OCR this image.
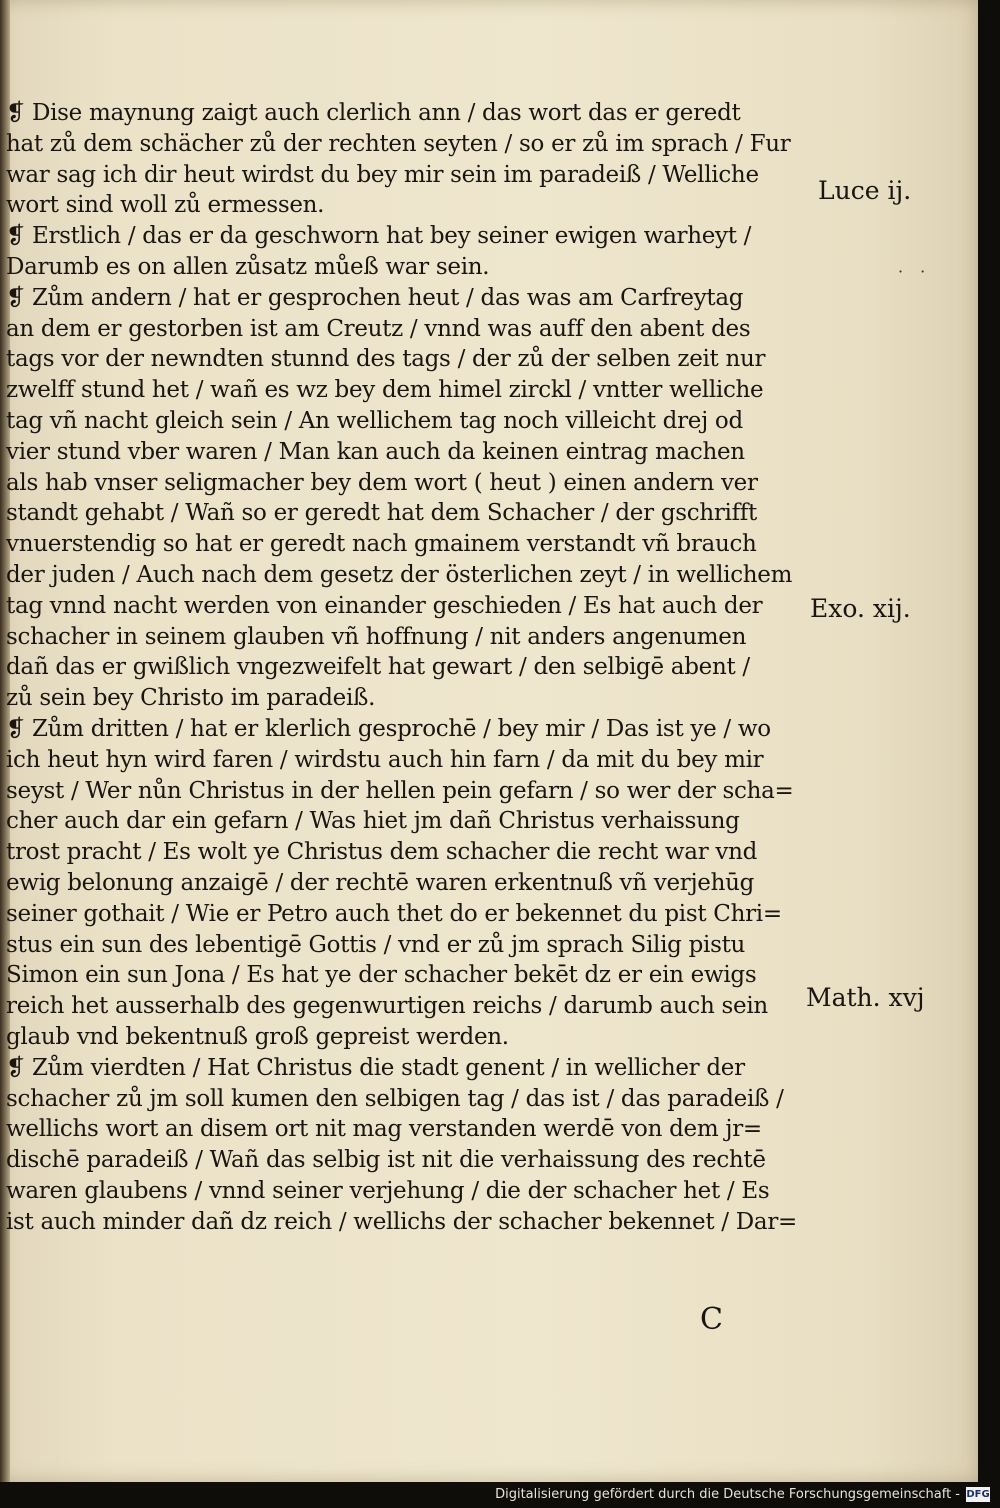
❡ Dise maynung zaigt auch clerlich ann / das wort das er geredt
hat zů dem schächer zů der rechten seyten / so er zů im sprach / Fur
war sag ich dir heut wirdst du bey mir sein im paradeiß / Welliche
wort sind woll zů ermessen.
❡ Erstlich / das er da geschworn hat bey seiner ewigen warheyt /
Darumb es on allen zůsatz můeß war sein.
❡ Zům andern / hat er gesprochen heut / das was am Carfreytag
an dem er gestorben ist am Creutz / vnnd was auff den abent des
tags vor der newndten stunnd des tags / der zů der selben zeit nur
zwelff stund het / wañ es wz bey dem himel zirckl / vntter welliche
tag vñ nacht gleich sein / An wellichem tag noch villeicht drej od
vier stund vber waren / Man kan auch da keinen eintrag machen
als hab vnser seligmacher bey dem wort ( heut ) einen andern ver
standt gehabt / Wañ so er geredt hat dem Schacher / der gschrifft
vnuerstendig so hat er geredt nach gmainem verstandt vñ brauch
der juden / Auch nach dem gesetz der österlichen zeyt / in wellichem
tag vnnd nacht werden von einander geschieden / Es hat auch der
schacher in seinem glauben vñ hoffnung / nit anders angenumen
dañ das er gwißlich vngezweifelt hat gewart / den selbigē abent /
zů sein bey Christo im paradeiß.
❡ Zům dritten / hat er klerlich gesprochē / bey mir / Das ist ye / wo
ich heut hyn wird faren / wirdstu auch hin farn / da mit du bey mir
seyst / Wer nůn Christus in der hellen pein gefarn / so wer der scha=
cher auch dar ein gefarn / Was hiet jm dañ Christus verhaissung
trost pracht / Es wolt ye Christus dem schacher die recht war vnd
ewig belonung anzaigē / der rechtē waren erkentnuß vñ verjehūg
seiner gothait / Wie er Petro auch thet do er bekennet du pist Chri=
stus ein sun des lebentigē Gottis / vnd er zů jm sprach Silig pistu
Simon ein sun Jona / Es hat ye der schacher bekēt dz er ein ewigs
reich het ausserhalb des gegenwurtigen reichs / darumb auch sein
glaub vnd bekentnuß groß gepreist werden.
❡ Zům vierdten / Hat Christus die stadt genent / in wellicher der
schacher zů jm soll kumen den selbigen tag / das ist / das paradeiß /
wellichs wort an disem ort nit mag verstanden werdē von dem jr=
dischē paradeiß / Wañ das selbig ist nit die verhaissung des rechtē
waren glaubens / vnnd seiner verjehung / die der schacher het / Es
ist auch minder dañ dz reich / wellichs der schacher bekennet / Dar=
Luce ij.
Exo. xij.
Math. xvj
· ·
C
Digitalisierung gefördert durch die Deutsche Forschungsgemeinschaft - DFG
